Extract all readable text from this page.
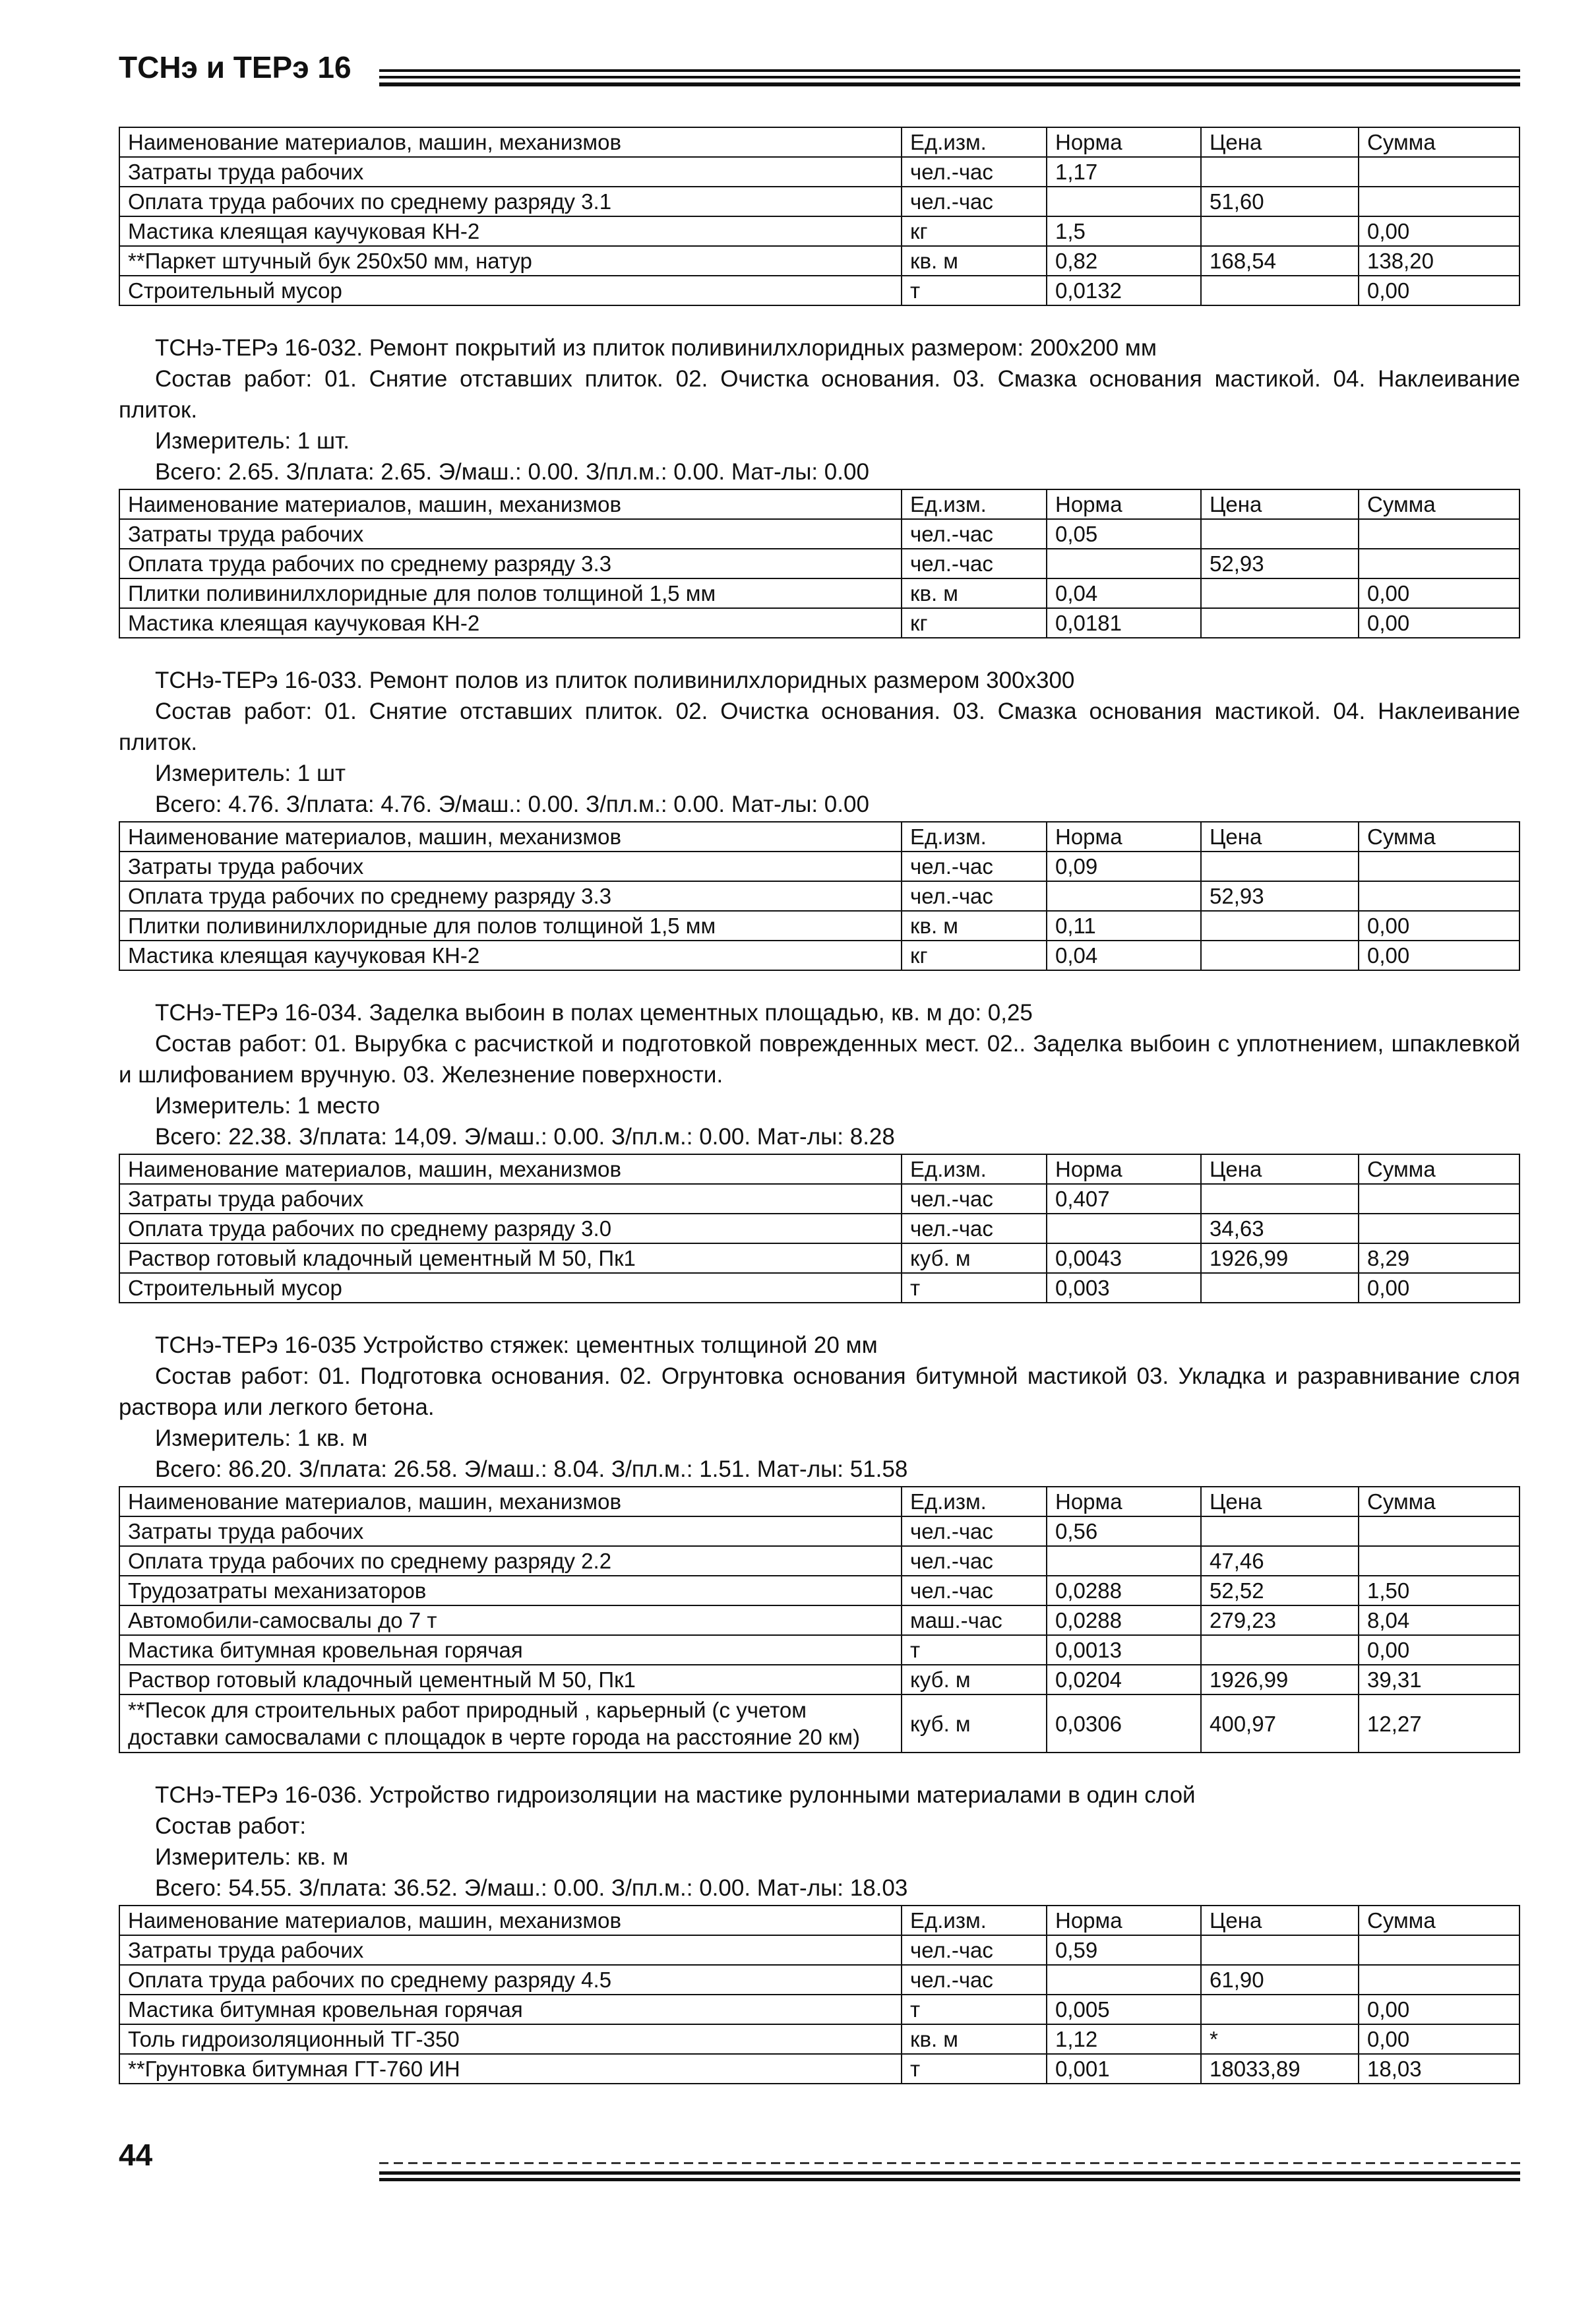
ТСНэ и ТЕРэ 16
Наименование материалов, машин, механизмов	Ед.изм.	Норма	Цена	Сумма
Затраты труда рабочих	чел.-час	1,17		
Оплата труда рабочих по среднему разряду 3.1	чел.-час		51,60	
Мастика клеящая каучуковая КН-2	кг	1,5		0,00
**Паркет штучный бук 250х50 мм, натур	кв. м	0,82	168,54	138,20
Строительный мусор	т	0,0132		0,00
ТСНэ-ТЕРэ 16-032. Ремонт покрытий из плиток поливинилхлоридных размером: 200х200 мм
Состав работ: 01. Снятие отставших плиток. 02. Очистка основания. 03. Смазка основания мастикой. 04. Наклеивание плиток.
Измеритель: 1 шт.
Всего: 2.65. З/плата: 2.65. Э/маш.: 0.00. З/пл.м.: 0.00. Мат-лы: 0.00
Наименование материалов, машин, механизмов	Ед.изм.	Норма	Цена	Сумма
Затраты труда рабочих	чел.-час	0,05		
Оплата труда рабочих по среднему разряду 3.3	чел.-час		52,93	
Плитки поливинилхлоридные для полов толщиной 1,5 мм	кв. м	0,04		0,00
Мастика клеящая каучуковая КН-2	кг	0,0181		0,00
ТСНэ-ТЕРэ 16-033. Ремонт полов из плиток поливинилхлоридных размером 300х300
Состав работ: 01. Снятие отставших плиток. 02. Очистка основания. 03. Смазка основания мастикой. 04. Наклеивание плиток.
Измеритель: 1 шт
Всего: 4.76. З/плата: 4.76. Э/маш.: 0.00. З/пл.м.: 0.00. Мат-лы: 0.00
Наименование материалов, машин, механизмов	Ед.изм.	Норма	Цена	Сумма
Затраты труда рабочих	чел.-час	0,09		
Оплата труда рабочих по среднему разряду 3.3	чел.-час		52,93	
Плитки поливинилхлоридные для полов толщиной 1,5 мм	кв. м	0,11		0,00
Мастика клеящая каучуковая КН-2	кг	0,04		0,00
ТСНэ-ТЕРэ 16-034. Заделка выбоин в полах цементных площадью, кв. м до: 0,25
Состав работ: 01. Вырубка с расчисткой и подготовкой поврежденных мест. 02.. Заделка выбоин с уплотнением, шпаклевкой и шлифованием вручную. 03. Железнение поверхности.
Измеритель: 1 место
Всего: 22.38. З/плата: 14,09. Э/маш.: 0.00. З/пл.м.: 0.00. Мат-лы: 8.28
Наименование материалов, машин, механизмов	Ед.изм.	Норма	Цена	Сумма
Затраты труда рабочих	чел.-час	0,407		
Оплата труда рабочих по среднему разряду 3.0	чел.-час		34,63	
Раствор готовый кладочный цементный М 50, Пк1	куб. м	0,0043	1926,99	8,29
Строительный мусор	т	0,003		0,00
ТСНэ-ТЕРэ 16-035 Устройство стяжек: цементных толщиной 20 мм
Состав работ: 01. Подготовка основания. 02. Огрунтовка основания битумной мастикой 03. Укладка и разравнивание слоя раствора или легкого бетона.
Измеритель: 1 кв. м
Всего: 86.20. З/плата: 26.58. Э/маш.: 8.04. З/пл.м.: 1.51. Мат-лы: 51.58
Наименование материалов, машин, механизмов	Ед.изм.	Норма	Цена	Сумма
Затраты труда рабочих	чел.-час	0,56		
Оплата труда рабочих по среднему разряду 2.2	чел.-час		47,46	
Трудозатраты механизаторов	чел.-час	0,0288	52,52	1,50
Автомобили-самосвалы до 7 т	маш.-час	0,0288	279,23	8,04
Мастика битумная кровельная горячая	т	0,0013		0,00
Раствор готовый кладочный цементный М 50, Пк1	куб. м	0,0204	1926,99	39,31
**Песок для строительных работ природный , карьерный (с учетом доставки самосвалами с площадок в черте города на расстояние 20 км)	куб. м	0,0306	400,97	12,27
ТСНэ-ТЕРэ 16-036. Устройство гидроизоляции на мастике рулонными материалами в один слой
Состав работ:
Измеритель: кв. м
Всего: 54.55. З/плата: 36.52. Э/маш.: 0.00. З/пл.м.: 0.00. Мат-лы: 18.03
Наименование материалов, машин, механизмов	Ед.изм.	Норма	Цена	Сумма
Затраты труда рабочих	чел.-час	0,59		
Оплата труда рабочих по среднему разряду 4.5	чел.-час		61,90	
Мастика битумная кровельная горячая	т	0,005		0,00
Толь гидроизоляционный ТГ-350	кв. м	1,12	*	0,00
**Грунтовка битумная ГТ-760 ИН	т	0,001	18033,89	18,03
44
